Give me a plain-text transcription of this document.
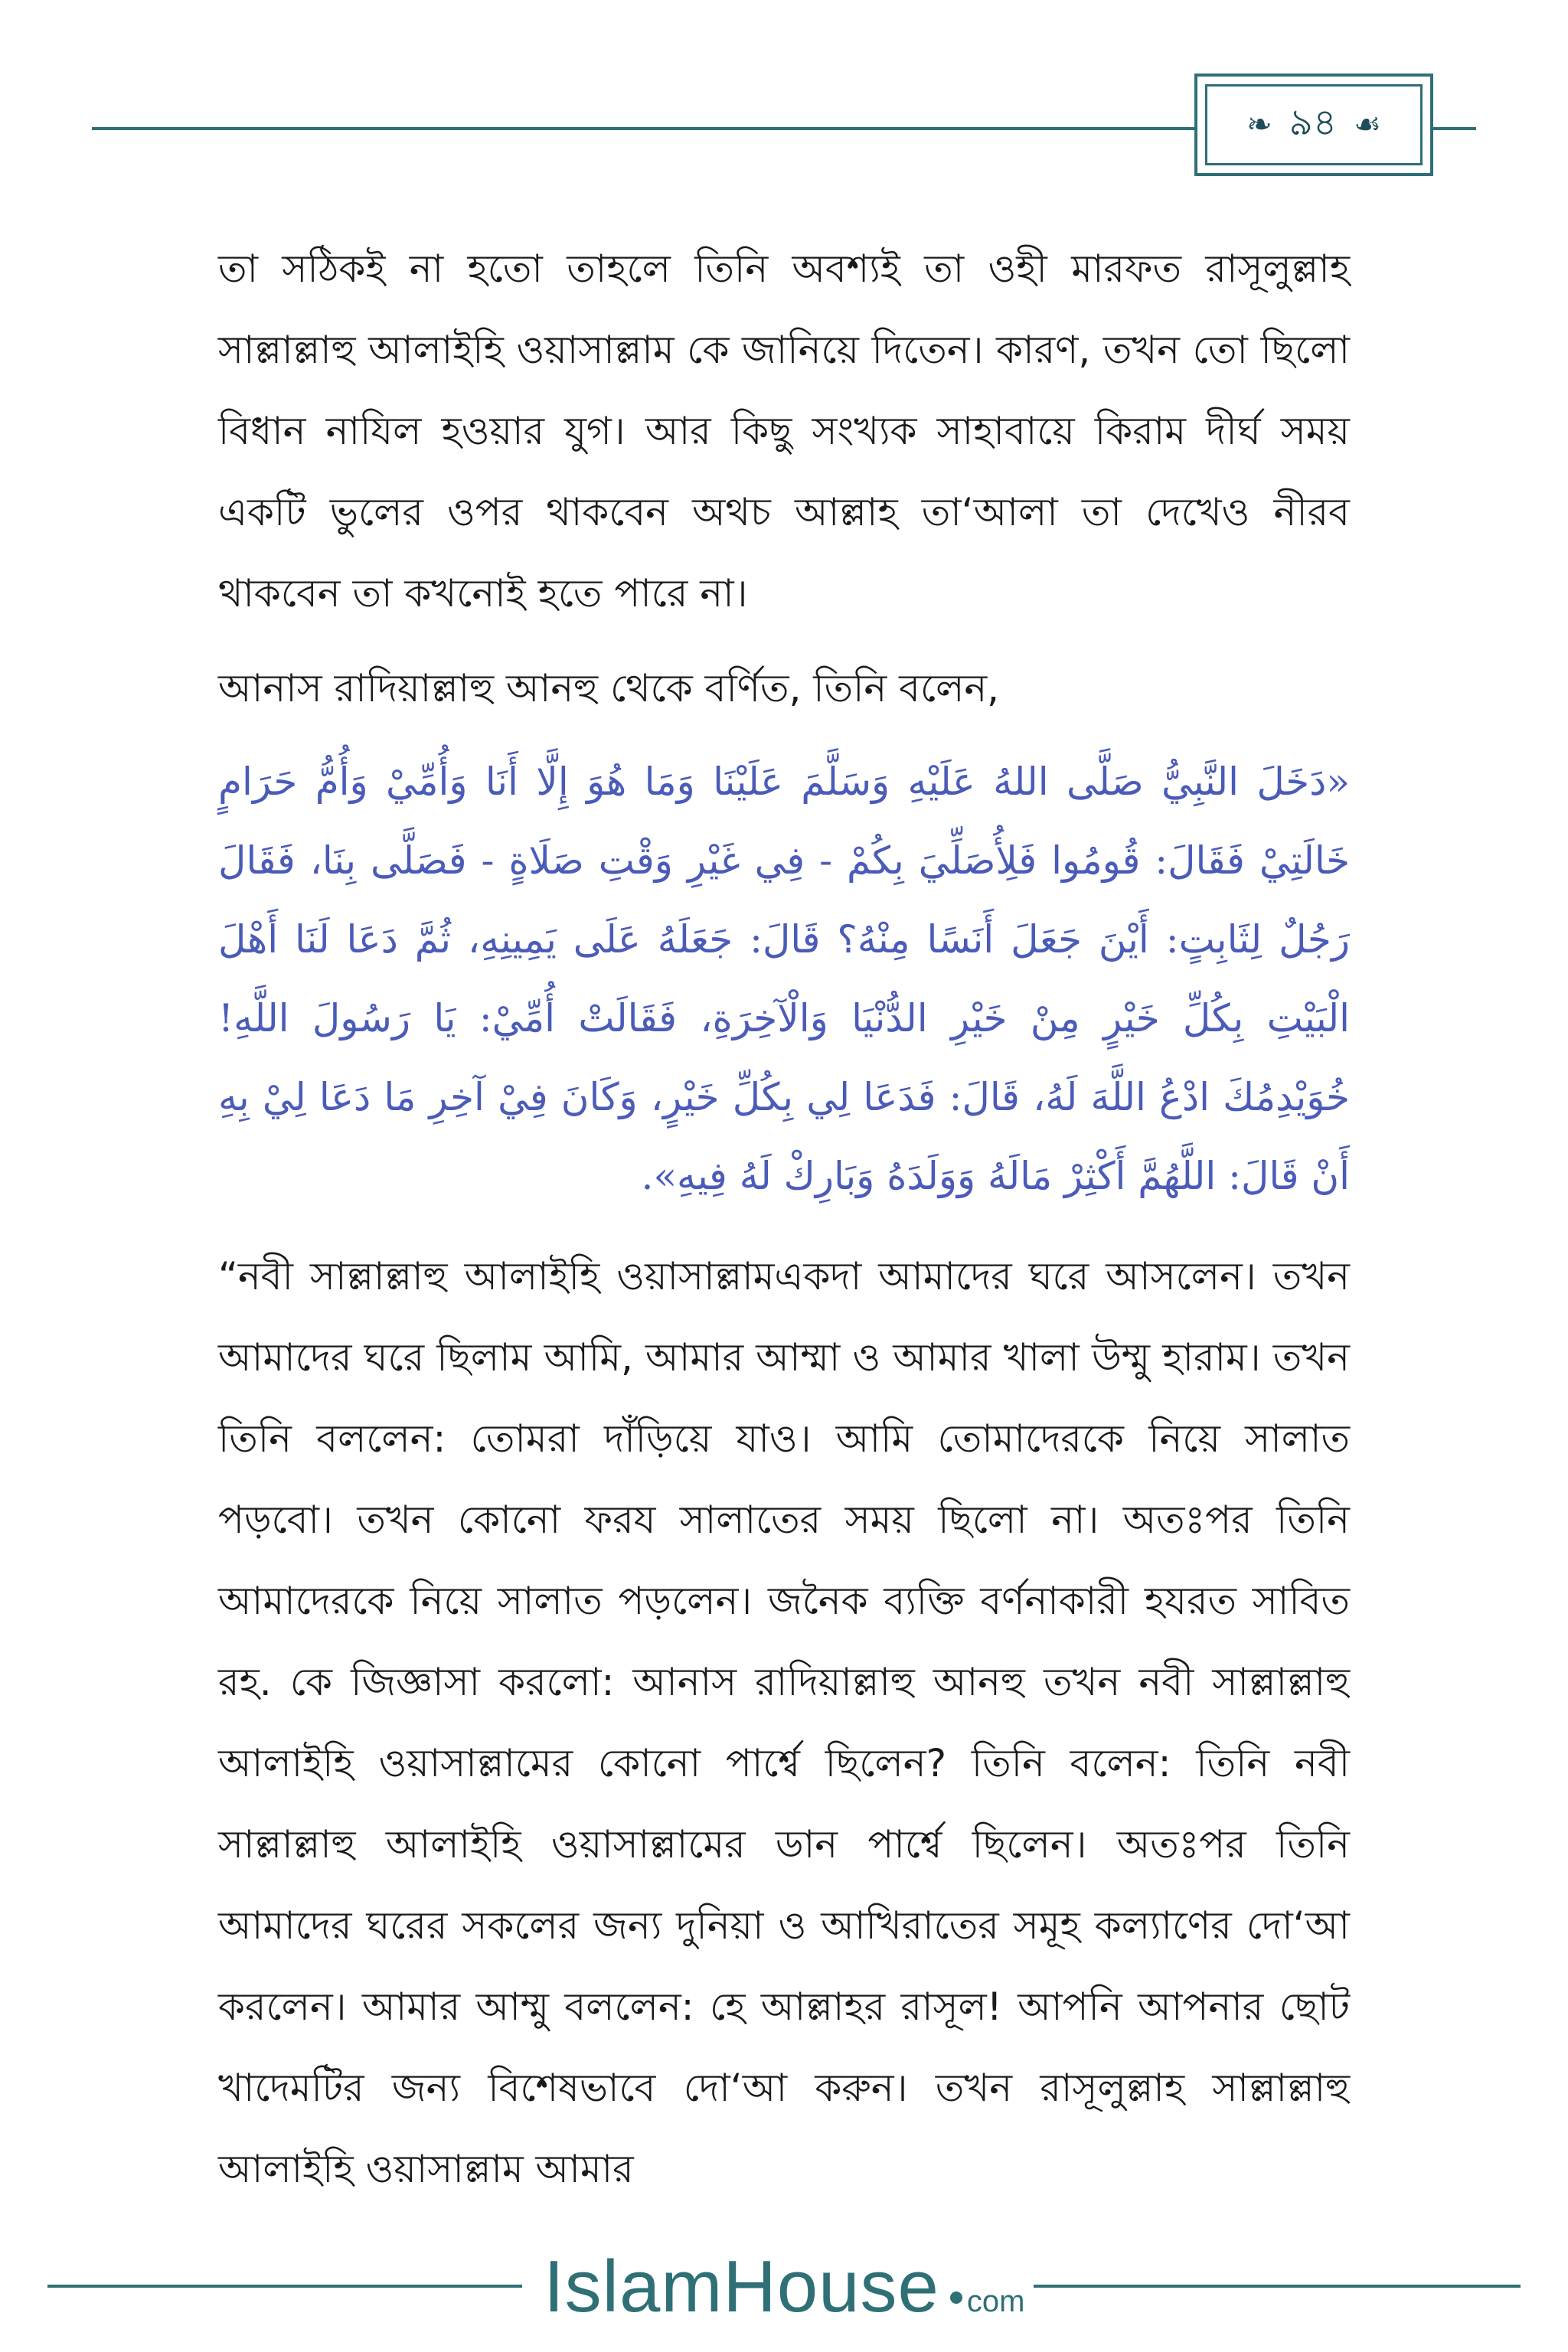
❧ ৯৪ ☙

তা সঠিকই না হতো তাহলে তিনি অবশ্যই তা ওহী মারফত রাসূলুল্লাহ সাল্লাল্লাহু আলাইহি ওয়াসাল্লাম কে জানিয়ে দিতেন। কারণ, তখন তো ছিলো বিধান নাযিল হওয়ার যুগ। আর কিছু সংখ্যক সাহাবায়ে কিরাম দীর্ঘ সময় একটি ভুলের ওপর থাকবেন অথচ আল্লাহ তা‘আলা তা দেখেও নীরব থাকবেন তা কখনোই হতে পারে না।

আনাস রাদিয়াল্লাহু আনহু থেকে বর্ণিত, তিনি বলেন,

«دَخَلَ النَّبِيُّ صَلَّى اللهُ عَلَيْهِ وَسَلَّمَ عَلَيْنَا وَمَا هُوَ إِلَّا أَنَا وَأُمِّيْ وَأُمُّ حَرَامٍ خَالَتِيْ فَقَالَ: قُومُوا فَلِأُصَلِّيَ بِكُمْ - فِي غَيْرِ وَقْتِ صَلَاةٍ - فَصَلَّى بِنَا، فَقَالَ رَجُلٌ لِثَابِتٍ: أَيْنَ جَعَلَ أَنَسًا مِنْهُ؟ قَالَ: جَعَلَهُ عَلَى يَمِينِهِ، ثُمَّ دَعَا لَنَا أَهْلَ الْبَيْتِ بِكُلِّ خَيْرٍ مِنْ خَيْرِ الدُّنْيَا وَالْآخِرَةِ، فَقَالَتْ أُمِّيْ: يَا رَسُولَ اللَّهِ! خُوَيْدِمُكَ ادْعُ اللَّهَ لَهُ، قَالَ: فَدَعَا لِي بِكُلِّ خَيْرٍ، وَكَانَ فِيْ آخِرِ مَا دَعَا لِيْ بِهِ أَنْ قَالَ: اللَّهُمَّ أَكْثِرْ مَالَهُ وَوَلَدَهُ وَبَارِكْ لَهُ فِيهِ».

“নবী সাল্লাল্লাহু আলাইহি ওয়াসাল্লামএকদা আমাদের ঘরে আসলেন। তখন আমাদের ঘরে ছিলাম আমি, আমার আম্মা ও আমার খালা উম্মু হারাম। তখন তিনি বললেন: তোমরা দাঁড়িয়ে যাও। আমি তোমাদেরকে নিয়ে সালাত পড়বো। তখন কোনো ফরয সালাতের সময় ছিলো না। অতঃপর তিনি আমাদেরকে নিয়ে সালাত পড়লেন। জনৈক ব্যক্তি বর্ণনাকারী হযরত সাবিত রহ. কে জিজ্ঞাসা করলো: আনাস রাদিয়াল্লাহু আনহু তখন নবী সাল্লাল্লাহু আলাইহি ওয়াসাল্লামের কোনো পার্শ্বে ছিলেন? তিনি বলেন: তিনি নবী সাল্লাল্লাহু আলাইহি ওয়াসাল্লামের ডান পার্শ্বে ছিলেন। অতঃপর তিনি আমাদের ঘরের সকলের জন্য দুনিয়া ও আখিরাতের সমূহ কল্যাণের দো‘আ করলেন। আমার আম্মু বললেন: হে আল্লাহর রাসূল! আপনি আপনার ছোট খাদেমটির জন্য বিশেষভাবে দো‘আ করুন। তখন রাসূলুল্লাহ সাল্লাল্লাহু আলাইহি ওয়াসাল্লাম আমার

IslamHouse com
